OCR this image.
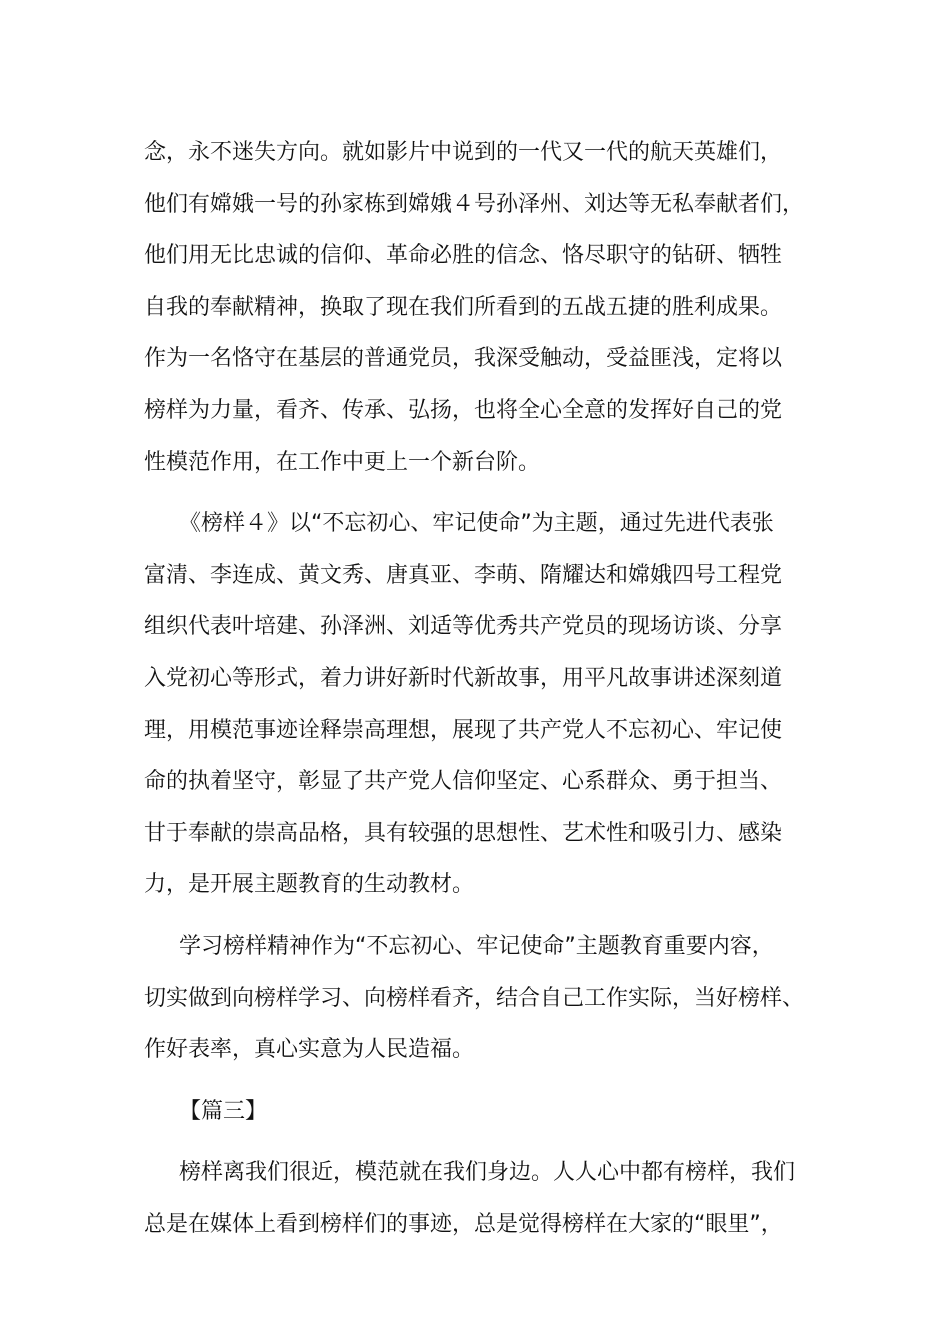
念，永不迷失方向。就如影片中说到的一代又一代的航天英雄们，
他们有嫦娥一号的孙家栋到嫦娥４号孙泽州、刘达等无私奉献者们，
他们用无比忠诚的信仰、革命必胜的信念、恪尽职守的钻研、牺牲
自我的奉献精神，换取了现在我们所看到的五战五捷的胜利成果。
作为一名恪守在基层的普通党员，我深受触动，受益匪浅，定将以
榜样为力量，看齐、传承、弘扬，也将全心全意的发挥好自己的党
性模范作用，在工作中更上一个新台阶。
《榜样４》以“不忘初心、牢记使命”为主题，通过先进代表张
富清、李连成、黄文秀、唐真亚、李萌、隋耀达和嫦娥四号工程党
组织代表叶培建、孙泽洲、刘适等优秀共产党员的现场访谈、分享
入党初心等形式，着力讲好新时代新故事，用平凡故事讲述深刻道
理，用模范事迹诠释崇高理想，展现了共产党人不忘初心、牢记使
命的执着坚守，彰显了共产党人信仰坚定、心系群众、勇于担当、
甘于奉献的崇高品格，具有较强的思想性、艺术性和吸引力、感染
力，是开展主题教育的生动教材。
学习榜样精神作为“不忘初心、牢记使命”主题教育重要内容，
切实做到向榜样学习、向榜样看齐，结合自己工作实际，当好榜样、
作好表率，真心实意为人民造福。
【篇三】
榜样离我们很近，模范就在我们身边。人人心中都有榜样，我们
总是在媒体上看到榜样们的事迹，总是觉得榜样在大家的“眼里”，
